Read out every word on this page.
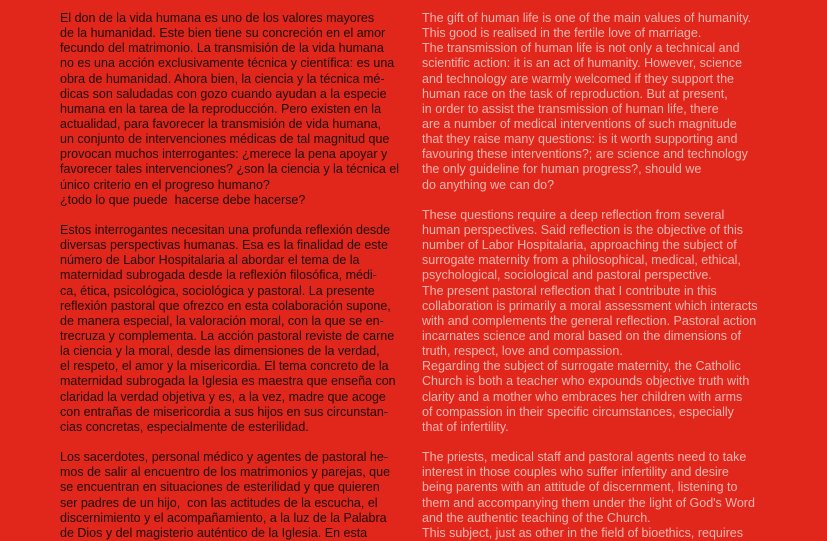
El don de la vida humana es uno de los valores mayores
de la humanidad. Este bien tiene su concreción en el amor
fecundo del matrimonio. La transmisión de la vida humana
no es una acción exclusivamente técnica y científica: es una
obra de humanidad. Ahora bien, la ciencia y la técnica mé-
dicas son saludadas con gozo cuando ayudan a la especie
humana en la tarea de la reproducción. Pero existen en la
actualidad, para favorecer la transmisión de vida humana,
un conjunto de intervenciones médicas de tal magnitud que
provocan muchos interrogantes: ¿merece la pena apoyar y
favorecer tales intervenciones? ¿son la ciencia y la técnica el
único criterio en el progreso humano?
¿todo lo que puede  hacerse debe hacerse?
Estos interrogantes necesitan una profunda reflexión desde
diversas perspectivas humanas. Esa es la finalidad de este
número de Labor Hospitalaria al abordar el tema de la
maternidad subrogada desde la reflexión filosófica, médi-
ca, ética, psicológica, sociológica y pastoral. La presente
reflexión pastoral que ofrezco en esta colaboración supone,
de manera especial, la valoración moral, con la que se en-
trecruza y complementa. La acción pastoral reviste de carne
la ciencia y la moral, desde las dimensiones de la verdad,
el respeto, el amor y la misericordia. El tema concreto de la
maternidad subrogada la Iglesia es maestra que enseña con
claridad la verdad objetiva y es, a la vez, madre que acoge
con entrañas de misericordia a sus hijos en sus circunstan-
cias concretas, especialmente de esterilidad.
Los sacerdotes, personal médico y agentes de pastoral he-
mos de salir al encuentro de los matrimonios y parejas, que
se encuentran en situaciones de esterilidad y que quieren
ser padres de un hijo,  con las actitudes de la escucha, el
discernimiento y el acompañamiento, a la luz de la Palabra
de Dios y del magisterio auténtico de la Iglesia. En esta
The gift of human life is one of the main values of humanity.
This good is realised in the fertile love of marriage.
The transmission of human life is not only a technical and
scientific action: it is an act of humanity. However, science
and technology are warmly welcomed if they support the
human race on the task of reproduction. But at present,
in order to assist the transmission of human life, there
are a number of medical interventions of such magnitude
that they raise many questions: is it worth supporting and
favouring these interventions?; are science and technology
the only guideline for human progress?, should we
do anything we can do?
These questions require a deep reflection from several
human perspectives. Said reflection is the objective of this
number of Labor Hospitalaria, approaching the subject of
surrogate maternity from a philosophical, medical, ethical,
psychological, sociological and pastoral perspective.
The present pastoral reflection that I contribute in this
collaboration is primarily a moral assessment which interacts
with and complements the general reflection. Pastoral action
incarnates science and moral based on the dimensions of
truth, respect, love and compassion.
Regarding the subject of surrogate maternity, the Catholic
Church is both a teacher who expounds objective truth with
clarity and a mother who embraces her children with arms
of compassion in their specific circumstances, especially
that of infertility.
The priests, medical staff and pastoral agents need to take
interest in those couples who suffer infertility and desire
being parents with an attitude of discernment, listening to
them and accompanying them under the light of God's Word
and the authentic teaching of the Church.
This subject, just as other in the field of bioethics, requires
